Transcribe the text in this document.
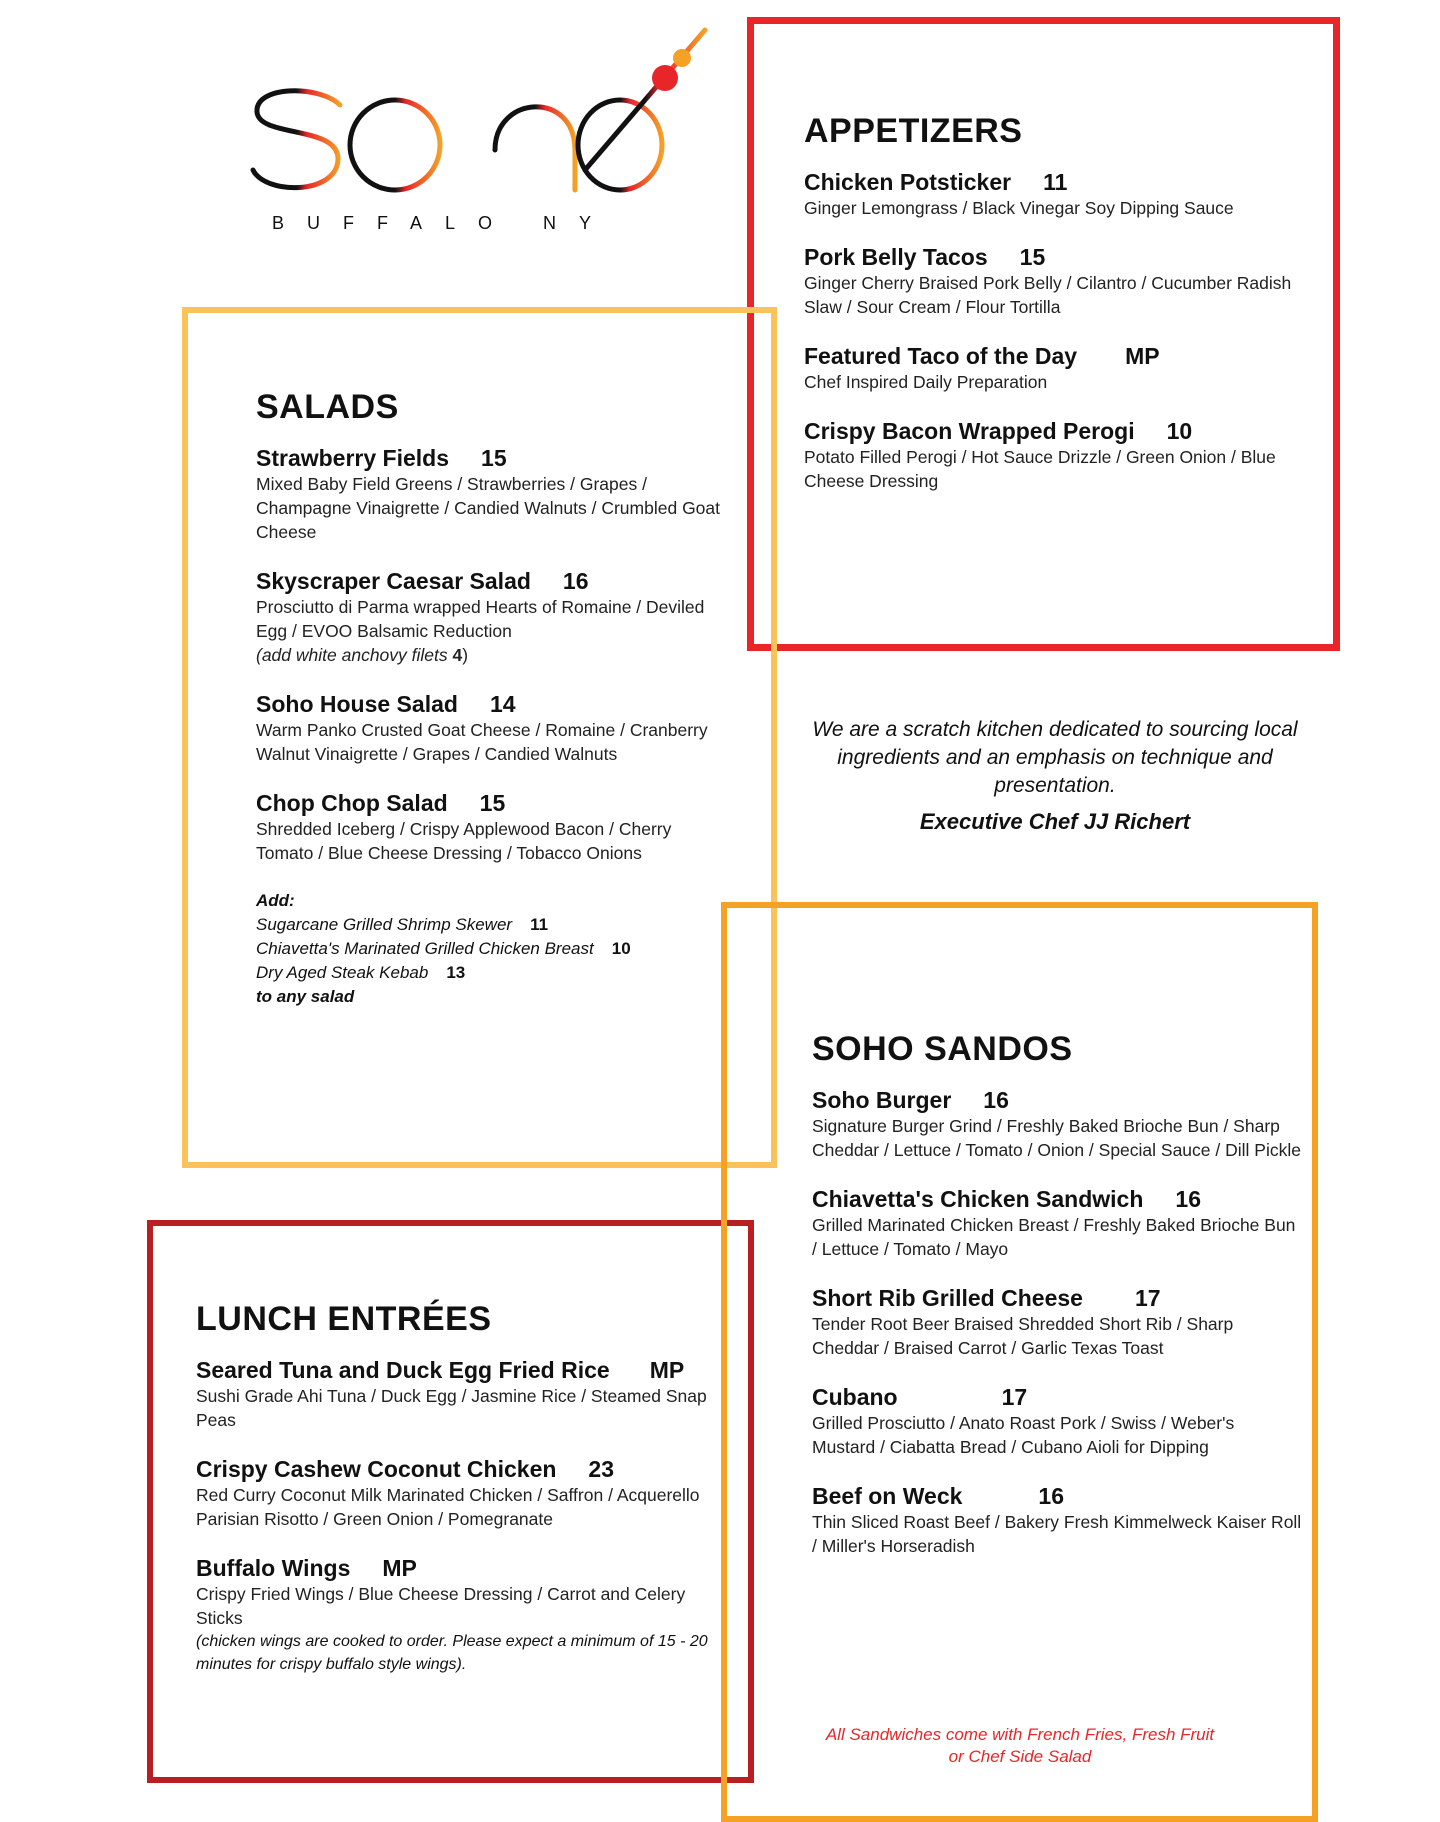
BUFFALO NY
APPETIZERS
Chicken Potsticker 11
Ginger Lemongrass / Black Vinegar Soy Dipping Sauce
Pork Belly Tacos 15
Ginger Cherry Braised Pork Belly / Cilantro / Cucumber Radish Slaw / Sour Cream / Flour Tortilla
Featured Taco of the Day MP
Chef Inspired Daily Preparation
Crispy Bacon Wrapped Perogi 10
Potato Filled Perogi / Hot Sauce Drizzle / Green Onion / Blue Cheese Dressing
SALADS
Strawberry Fields 15
Mixed Baby Field Greens / Strawberries / Grapes / Champagne Vinaigrette / Candied Walnuts / Crumbled Goat Cheese
Skyscraper Caesar Salad 16
Prosciutto di Parma wrapped Hearts of Romaine / Deviled Egg / EVOO Balsamic Reduction
(add white anchovy filets 4)
Soho House Salad 14
Warm Panko Crusted Goat Cheese / Romaine / Cranberry Walnut Vinaigrette / Grapes / Candied Walnuts
Chop Chop Salad 15
Shredded Iceberg / Crispy Applewood Bacon / Cherry Tomato / Blue Cheese Dressing / Tobacco Onions
Add:
Sugarcane Grilled Shrimp Skewer 11
Chiavetta's Marinated Grilled Chicken Breast 10
Dry Aged Steak Kebab 13
to any salad
We are a scratch kitchen dedicated to sourcing local ingredients and an emphasis on technique and presentation.
Executive Chef JJ Richert
LUNCH ENTRÉES
Seared Tuna and Duck Egg Fried Rice MP
Sushi Grade Ahi Tuna / Duck Egg / Jasmine Rice / Steamed Snap Peas
Crispy Cashew Coconut Chicken 23
Red Curry Coconut Milk Marinated Chicken / Saffron / Acquerello Parisian Risotto / Green Onion / Pomegranate
Buffalo Wings MP
Crispy Fried Wings / Blue Cheese Dressing / Carrot and Celery Sticks
(chicken wings are cooked to order. Please expect a minimum of 15 - 20 minutes for crispy buffalo style wings).
SOHO SANDOS
Soho Burger 16
Signature Burger Grind / Freshly Baked Brioche Bun / Sharp Cheddar / Lettuce / Tomato / Onion / Special Sauce / Dill Pickle
Chiavetta's Chicken Sandwich 16
Grilled Marinated Chicken Breast / Freshly Baked Brioche Bun / Lettuce / Tomato / Mayo
Short Rib Grilled Cheese 17
Tender Root Beer Braised Shredded Short Rib / Sharp Cheddar / Braised Carrot / Garlic Texas Toast
Cubano	17
Grilled Prosciutto / Anato Roast Pork / Swiss / Weber's Mustard / Ciabatta Bread / Cubano Aioli for Dipping
Beef on Weck	16
Thin Sliced Roast Beef / Bakery Fresh Kimmelweck Kaiser Roll / Miller's Horseradish
All Sandwiches come with French Fries, Fresh Fruit or Chef Side Salad
